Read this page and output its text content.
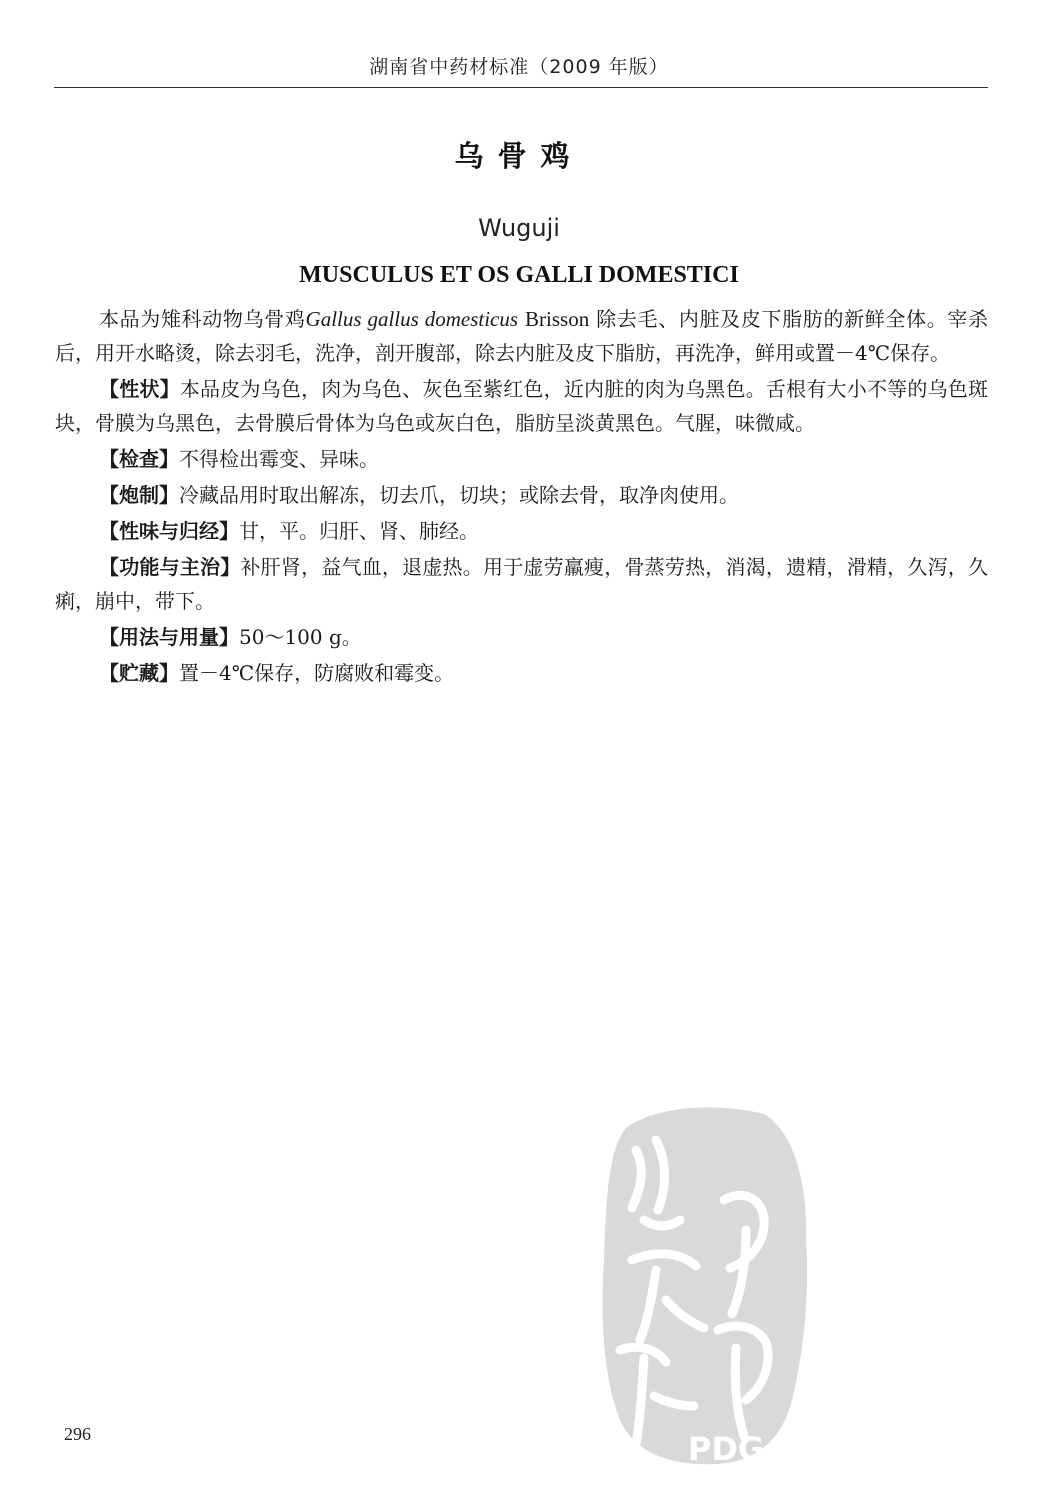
湖南省中药材标准（2009 年版）
乌骨鸡
Wuguji
MUSCULUS ET OS GALLI DOMESTICI

本品为雉科动物乌骨鸡Gallus gallus domesticus Brisson 除去毛、内脏及皮下脂肪的新鲜全体。宰杀后，用开水略烫，除去羽毛，洗净，剖开腹部，除去内脏及皮下脂肪，再洗净，鲜用或置－4℃保存。

【性状】本品皮为乌色，肉为乌色、灰色至紫红色，近内脏的肉为乌黑色。舌根有大小不等的乌色斑块，骨膜为乌黑色，去骨膜后骨体为乌色或灰白色，脂肪呈淡黄黑色。气腥，味微咸。

【检查】不得检出霉变、异味。

【炮制】冷藏品用时取出解冻，切去爪，切块；或除去骨，取净肉使用。

【性味与归经】甘，平。归肝、肾、肺经。

【功能与主治】补肝肾，益气血，退虚热。用于虚劳羸瘦，骨蒸劳热，消渴，遗精，滑精，久泻，久痢，崩中，带下。

【用法与用量】50～100 g。

【贮藏】置－4℃保存，防腐败和霉变。

PDG
296
